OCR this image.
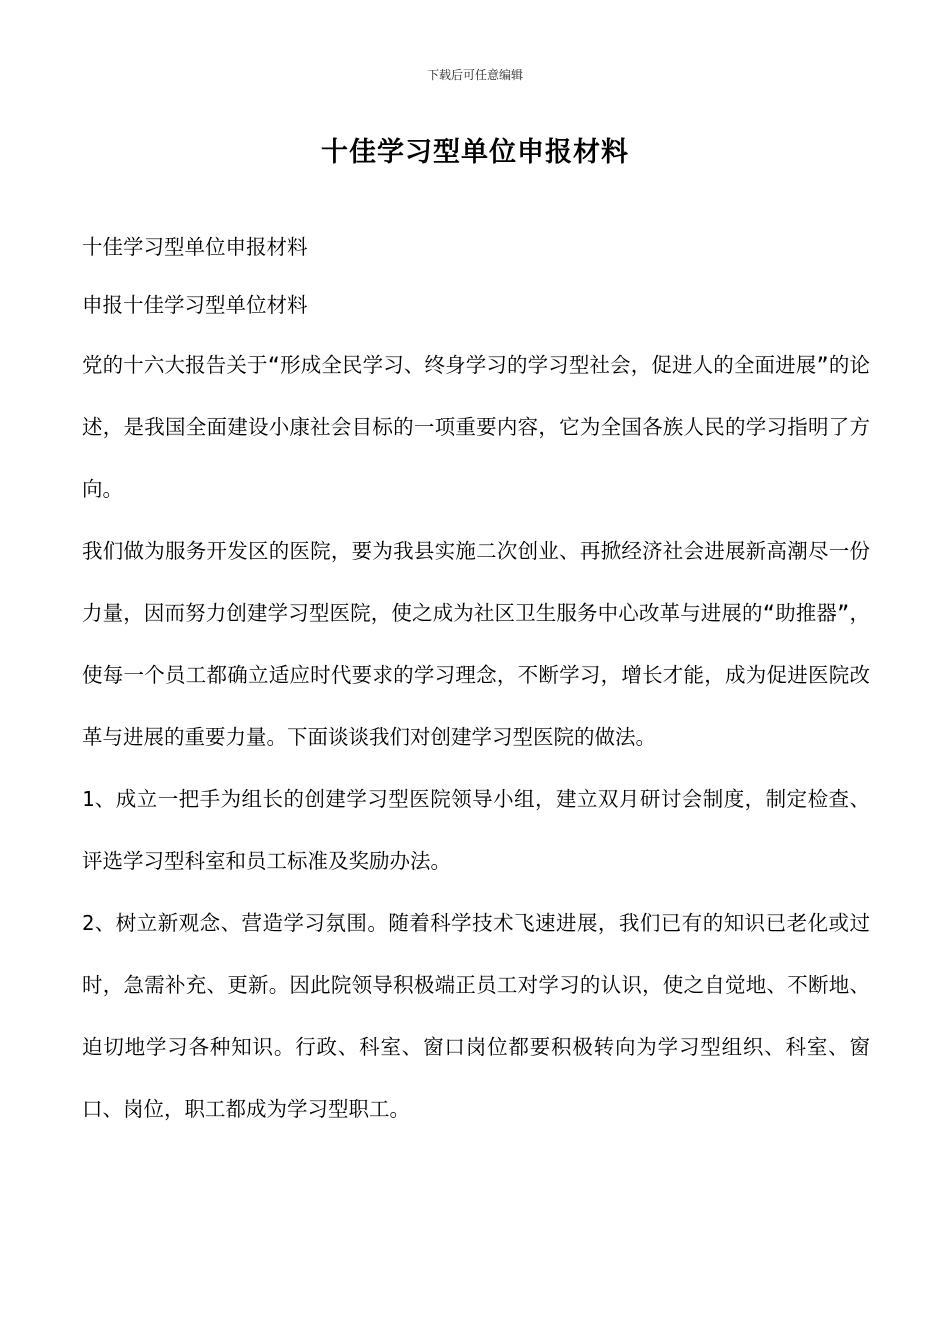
下载后可任意编辑
十佳学习型单位申报材料

十佳学习型单位申报材料

申报十佳学习型单位材料

党的十六大报告关于“形成全民学习、终身学习的学习型社会，促进人的全面进展”的论述，是我国全面建设小康社会目标的一项重要内容，它为全国各族人民的学习指明了方向。

我们做为服务开发区的医院，要为我县实施二次创业、再掀经济社会进展新高潮尽一份力量，因而努力创建学习型医院，使之成为社区卫生服务中心改革与进展的“助推器”，使每一个员工都确立适应时代要求的学习理念，不断学习，增长才能，成为促进医院改革与进展的重要力量。下面谈谈我们对创建学习型医院的做法。

1、成立一把手为组长的创建学习型医院领导小组，建立双月研讨会制度，制定检查、评选学习型科室和员工标准及奖励办法。

2、树立新观念、营造学习氛围。随着科学技术飞速进展，我们已有的知识已老化或过时，急需补充、更新。因此院领导积极端正员工对学习的认识，使之自觉地、不断地、迫切地学习各种知识。行政、科室、窗口岗位都要积极转向为学习型组织、科室、窗口、岗位，职工都成为学习型职工。
